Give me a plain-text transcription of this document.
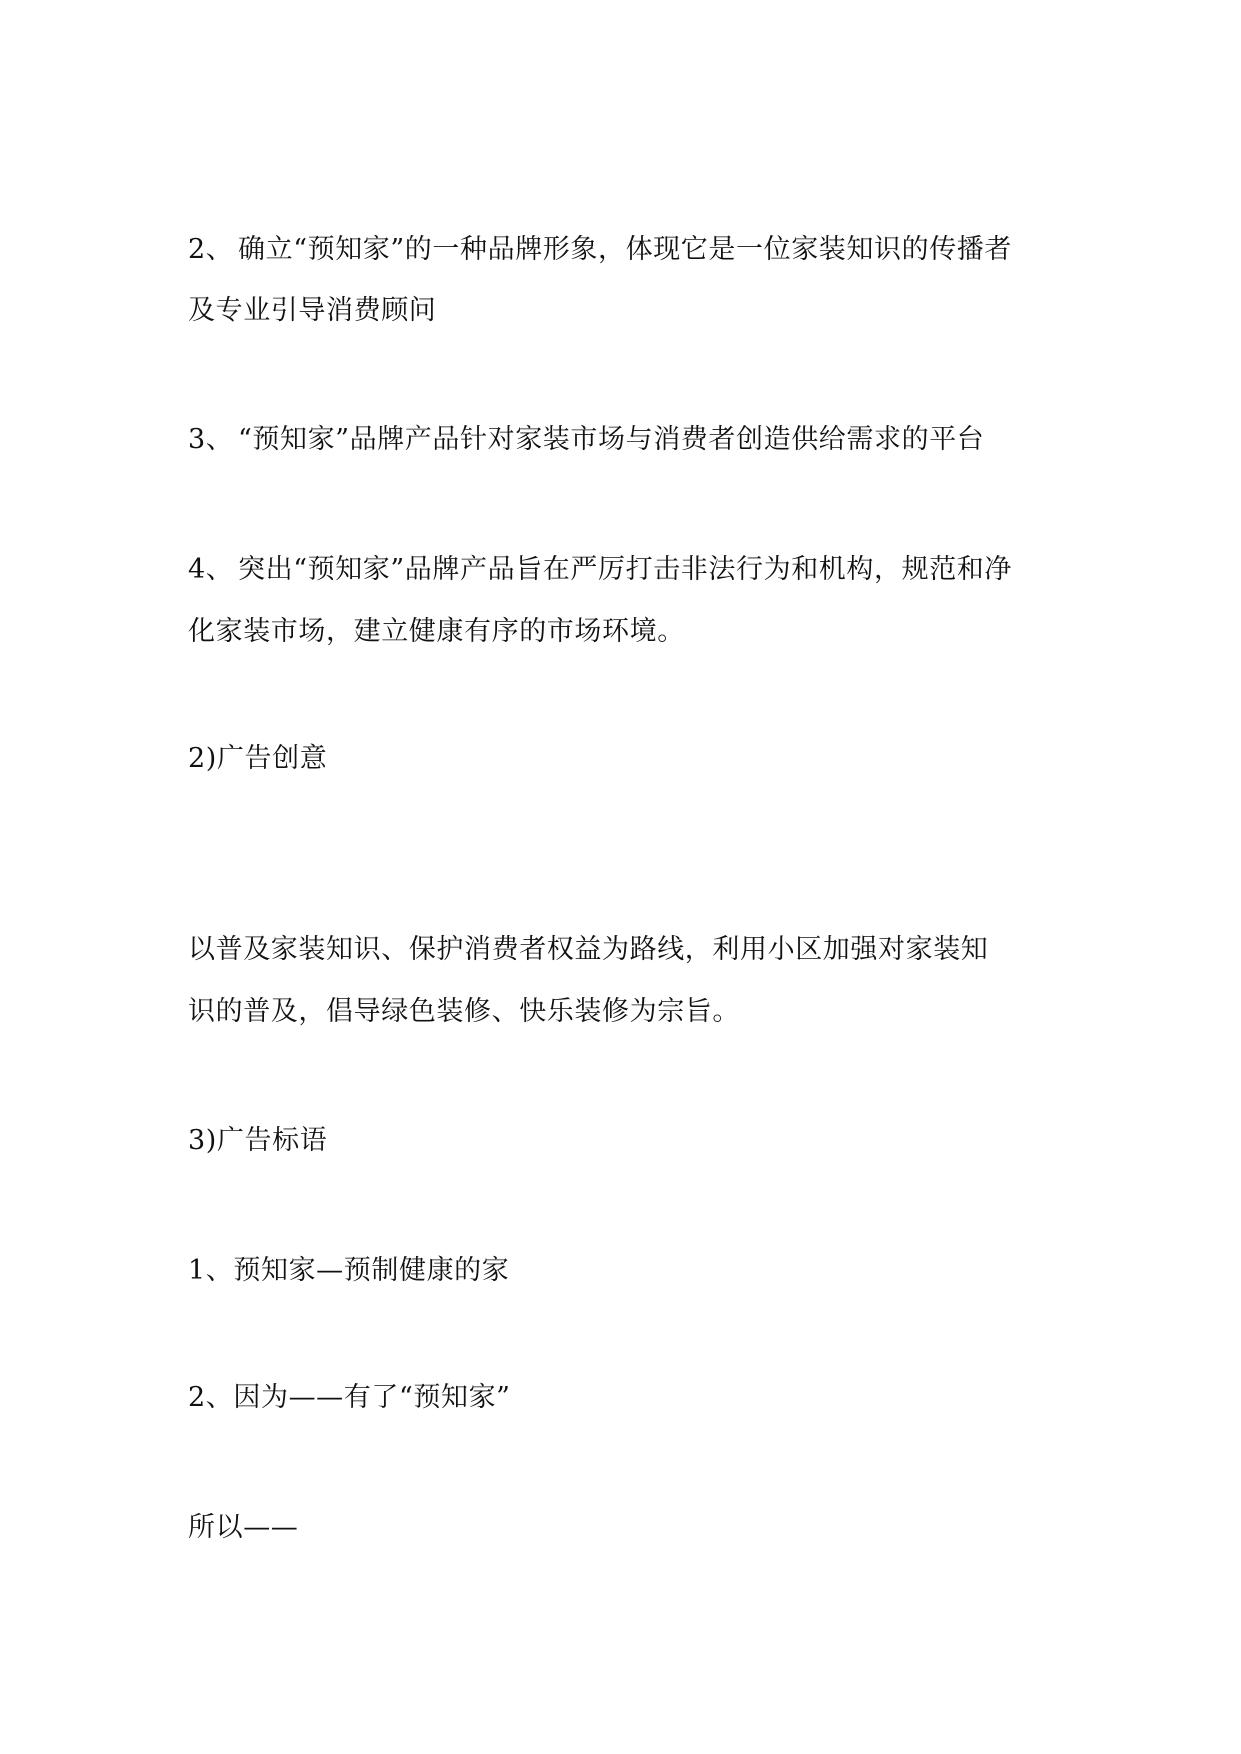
2、 确立“预知家”的一种品牌形象，体现它是一位家装知识的传播者
及专业引导消费顾问
3、 “预知家”品牌产品针对家装市场与消费者创造供给需求的平台
4、 突出“预知家”品牌产品旨在严厉打击非法行为和机构，规范和净
化家装市场，建立健康有序的市场环境。
2)广告创意
以普及家装知识、保护消费者权益为路线，利用小区加强对家装知
识的普及，倡导绿色装修、快乐装修为宗旨。
3)广告标语
1、预知家—预制健康的家
2、因为——有了“预知家”
所以——
